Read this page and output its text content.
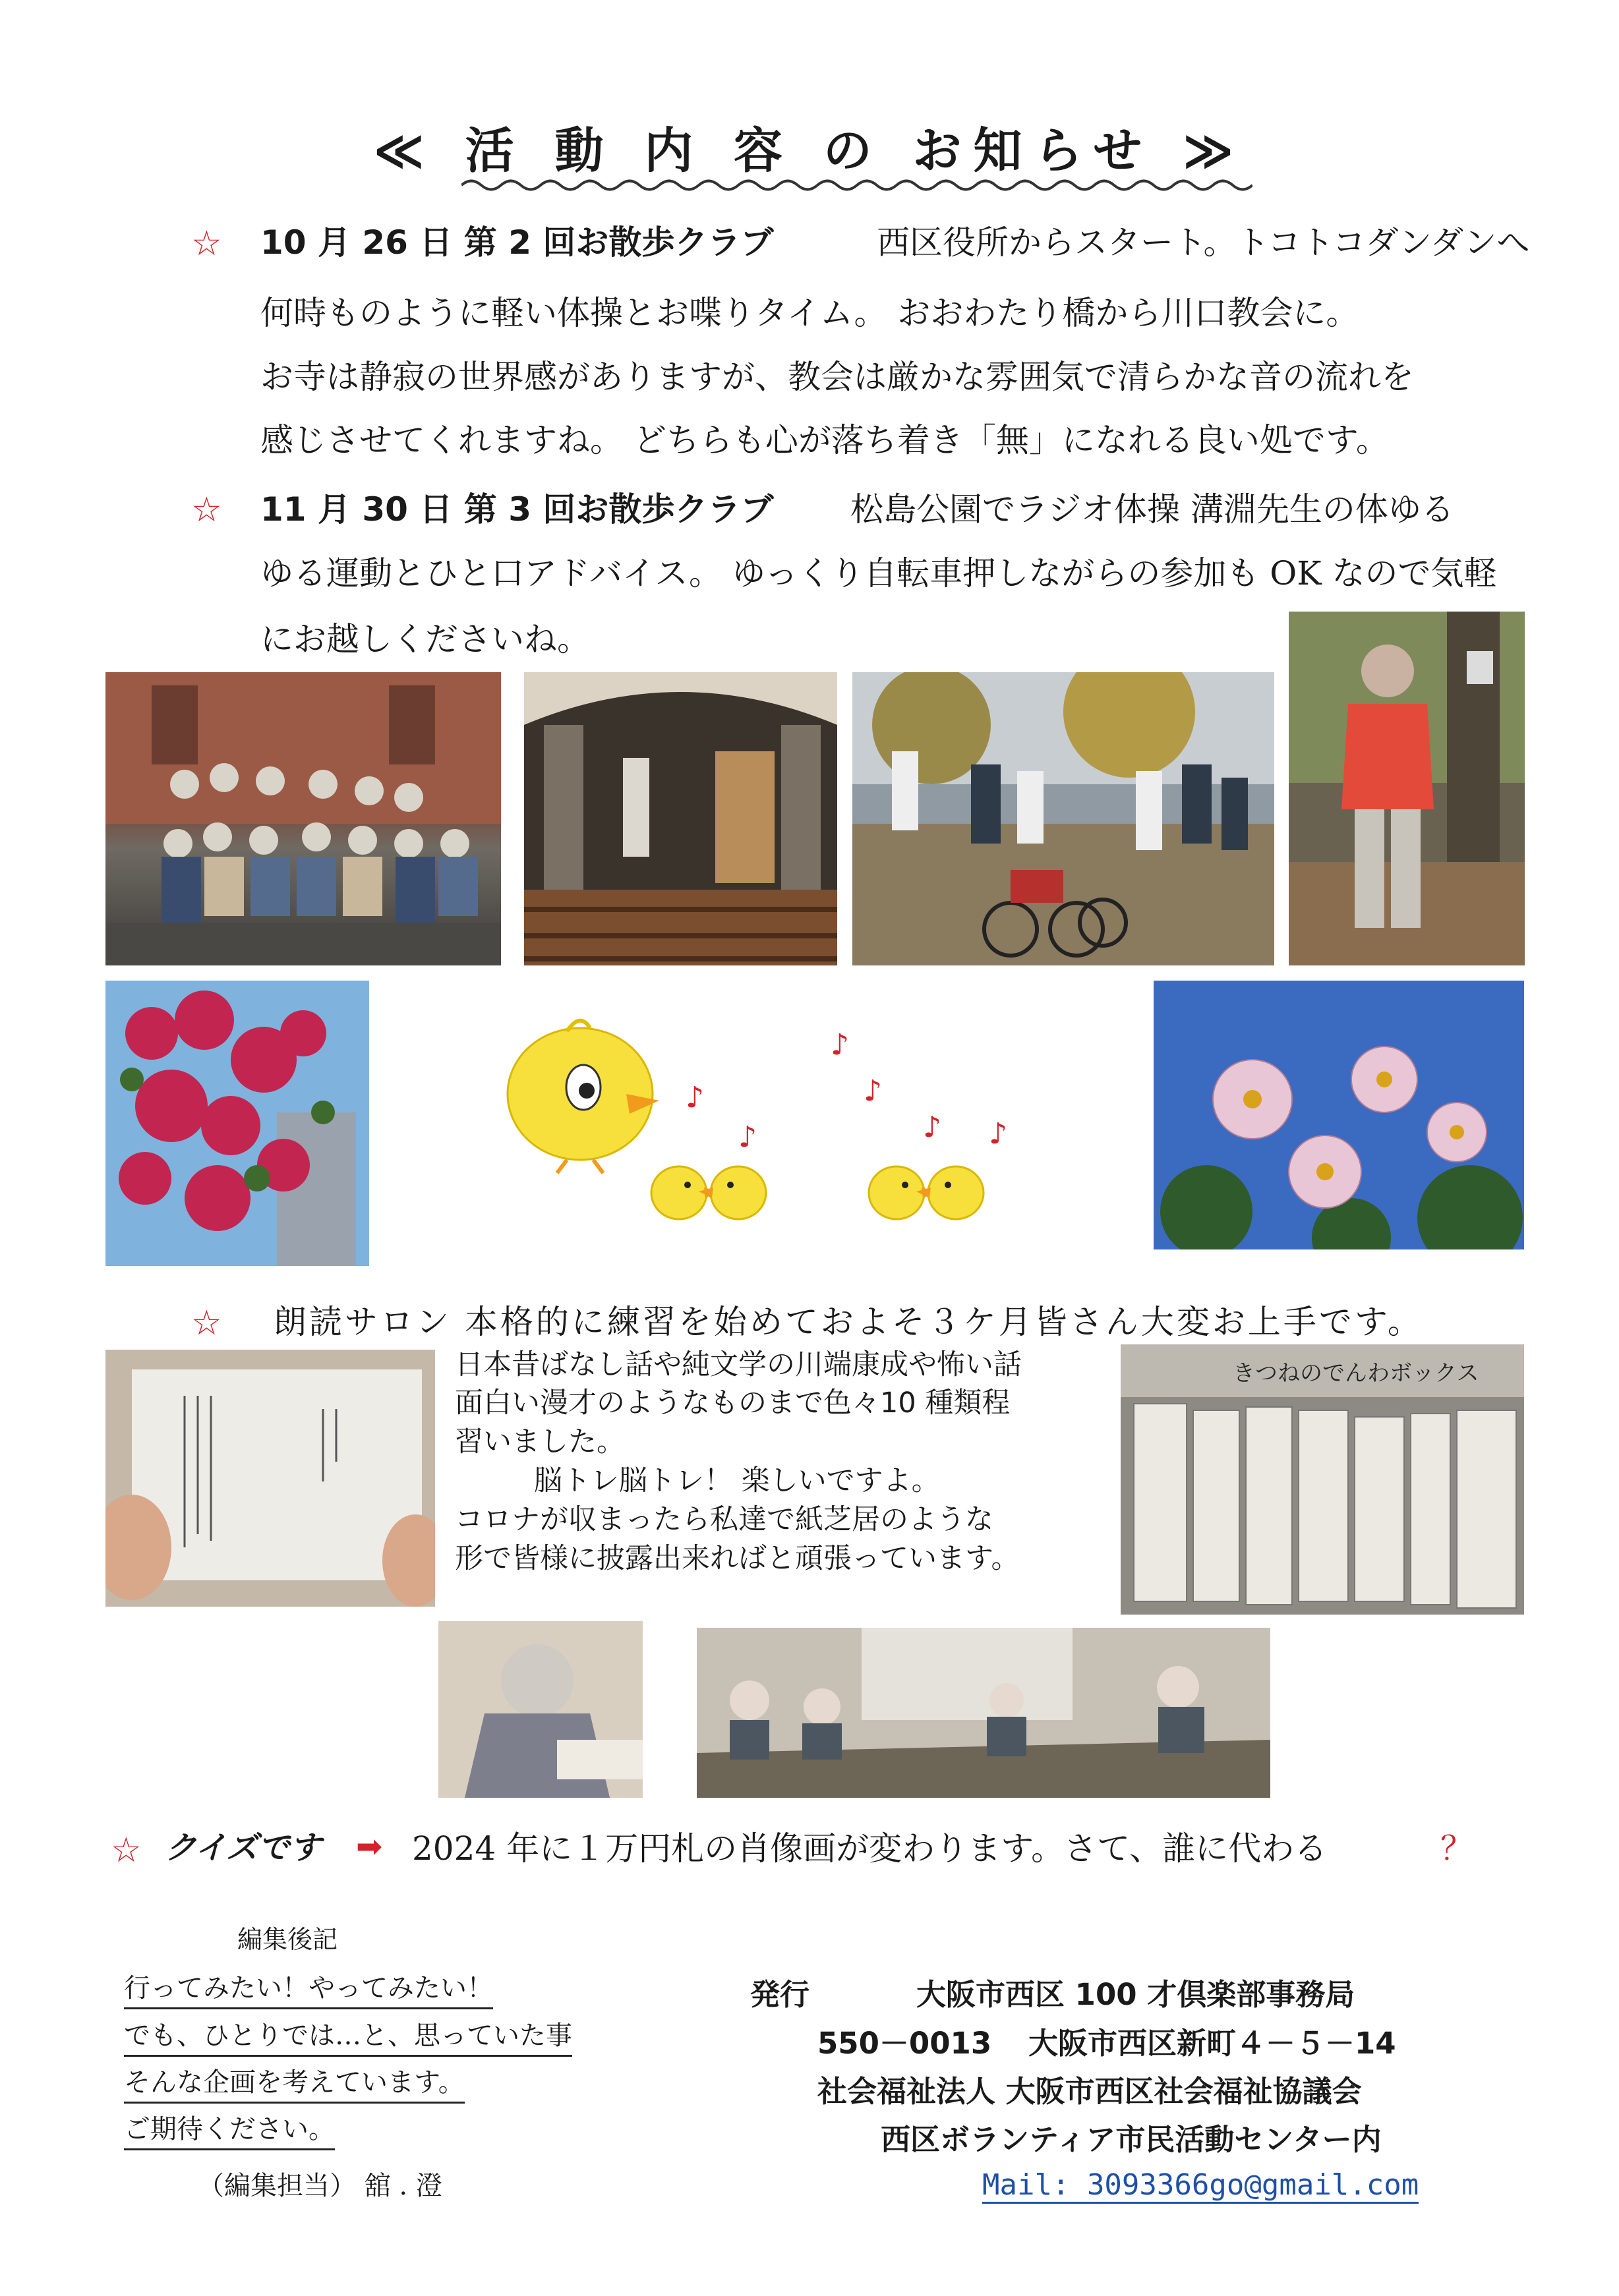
≪ 活 動 内 容 の お知らせ ≫
☆ 10 月 26 日 第 2 回お散歩クラブ	西区役所からスタート。トコトコダンダンへ
何時ものように軽い体操とお喋りタイム。 おおわたり橋から川口教会に。
お寺は静寂の世界感がありますが、教会は厳かな雰囲気で清らかな音の流れを
感じさせてくれますね。 どちらも心が落ち着き「無」になれる良い処です。
☆ 11 月 30 日 第 3 回お散歩クラブ 松島公園でラジオ体操 溝淵先生の体ゆる
ゆる運動とひと口アドバイス。 ゆっくり自転車押しながらの参加も OK なので気軽
にお越しくださいね。
♪
♪
♪
♪
♪ ♪
☆ 朗読サロン 本格的に練習を始めておよそ３ケ月皆さん大変お上手です。
日本昔ばなし話や純文学の川端康成や怖い話
面白い漫才のようなものまで色々10 種類程
習いました。
脳トレ脳トレ！ 楽しいですよ。
コロナが収まったら私達で紙芝居のような
形で皆様に披露出来ればと頑張っています。
きつねのでんわボックス
☆ クイズです ➡ 2024 年に１万円札の肖像画が変わります。さて、誰に代わる	？
編集後記
行ってみたい！やってみたい！
でも、ひとりでは…と、思っていた事
そんな企画を考えています。
ご期待ください。
（編集担当） 舘 . 澄
発行	大阪市西区 100 才倶楽部事務局
550－0013 大阪市西区新町４－５－14
社会福祉法人 大阪市西区社会福祉協議会
西区ボランティア市民活動センター内
Mail: 3093366go@gmail.com
